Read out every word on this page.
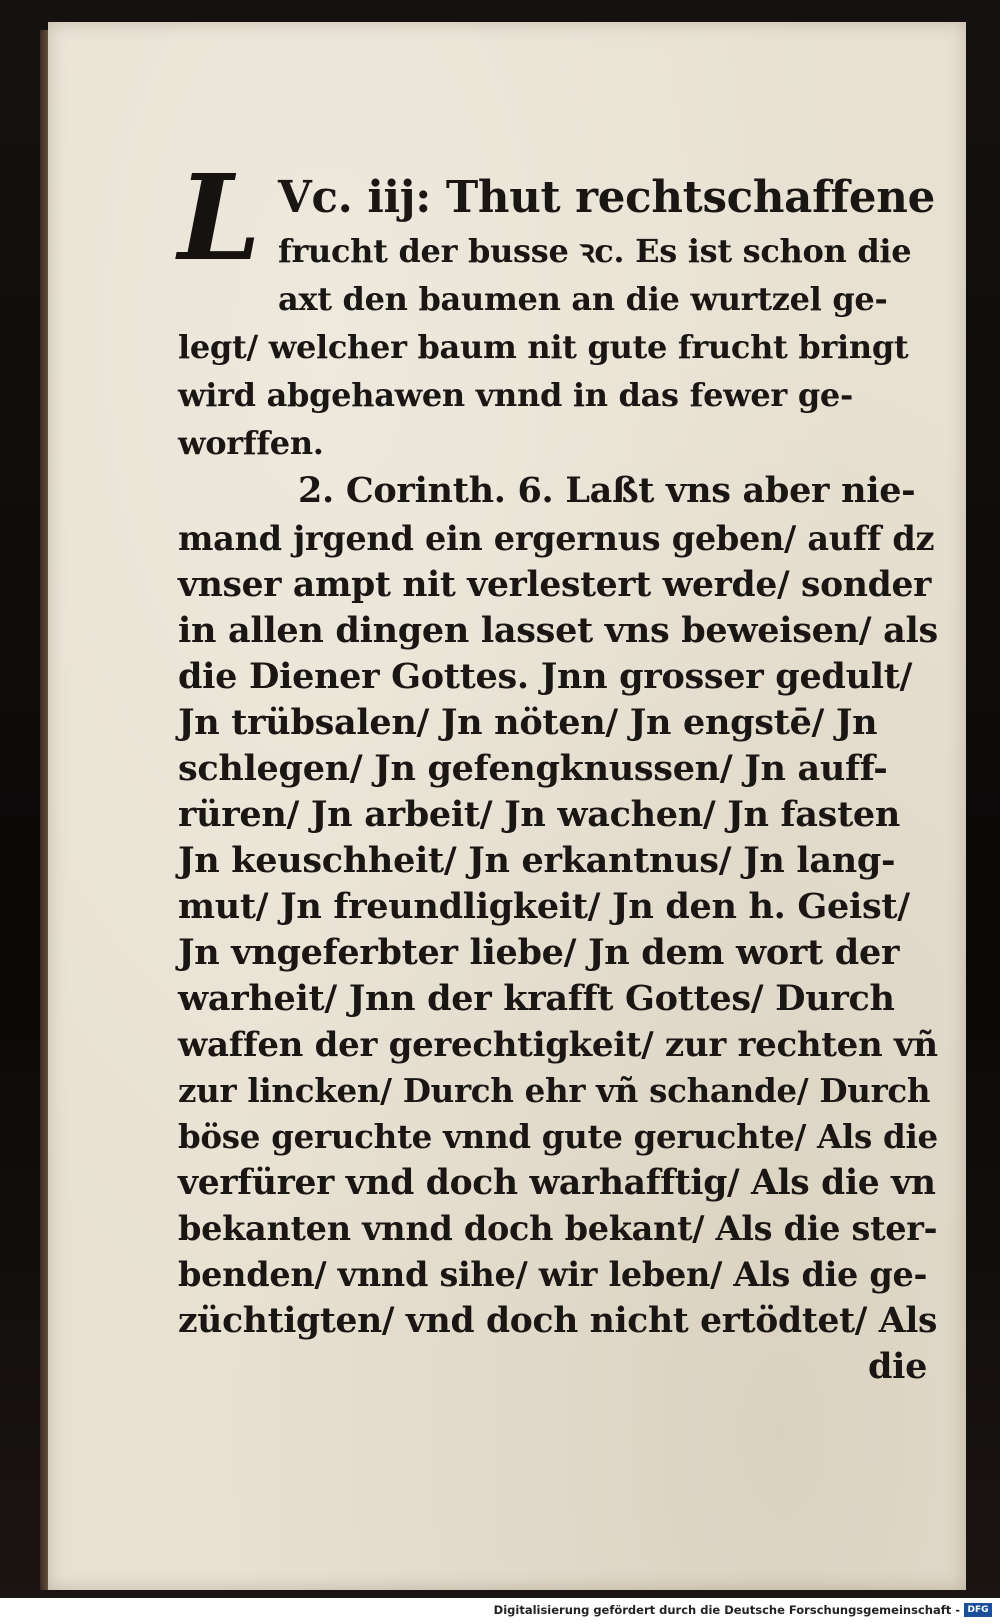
L Vc. iij: Thut rechtschaffene
frucht der busse ꝛc. Es ist schon die
axt den baumen an die wurtzel ge-
legt/ welcher baum nit gute frucht bringt
wird abgehawen vnnd in das fewer ge-
worffen.
2. Corinth. 6. Laßt vns aber nie-
mand jrgend ein ergernus geben/ auff dz
vnser ampt nit verlestert werde/ sonder
in allen dingen lasset vns beweisen/ als
die Diener Gottes. Jnn grosser gedult/
Jn trübsalen/ Jn nöten/ Jn engstē/ Jn
schlegen/ Jn gefengknussen/ Jn auff-
rüren/ Jn arbeit/ Jn wachen/ Jn fasten
Jn keuschheit/ Jn erkantnus/ Jn lang-
mut/ Jn freundligkeit/ Jn den h. Geist/
Jn vngeferbter liebe/ Jn dem wort der
warheit/ Jnn der krafft Gottes/ Durch
waffen der gerechtigkeit/ zur rechten vñ
zur lincken/ Durch ehr vñ schande/ Durch
böse geruchte vnnd gute geruchte/ Als die
verfürer vnd doch warhafftig/ Als die vn
bekanten vnnd doch bekant/ Als die ster-
benden/ vnnd sihe/ wir leben/ Als die ge-
züchtigten/ vnd doch nicht ertödtet/ Als
die
Digitalisierung gefördert durch die Deutsche Forschungsgemeinschaft - DFG
